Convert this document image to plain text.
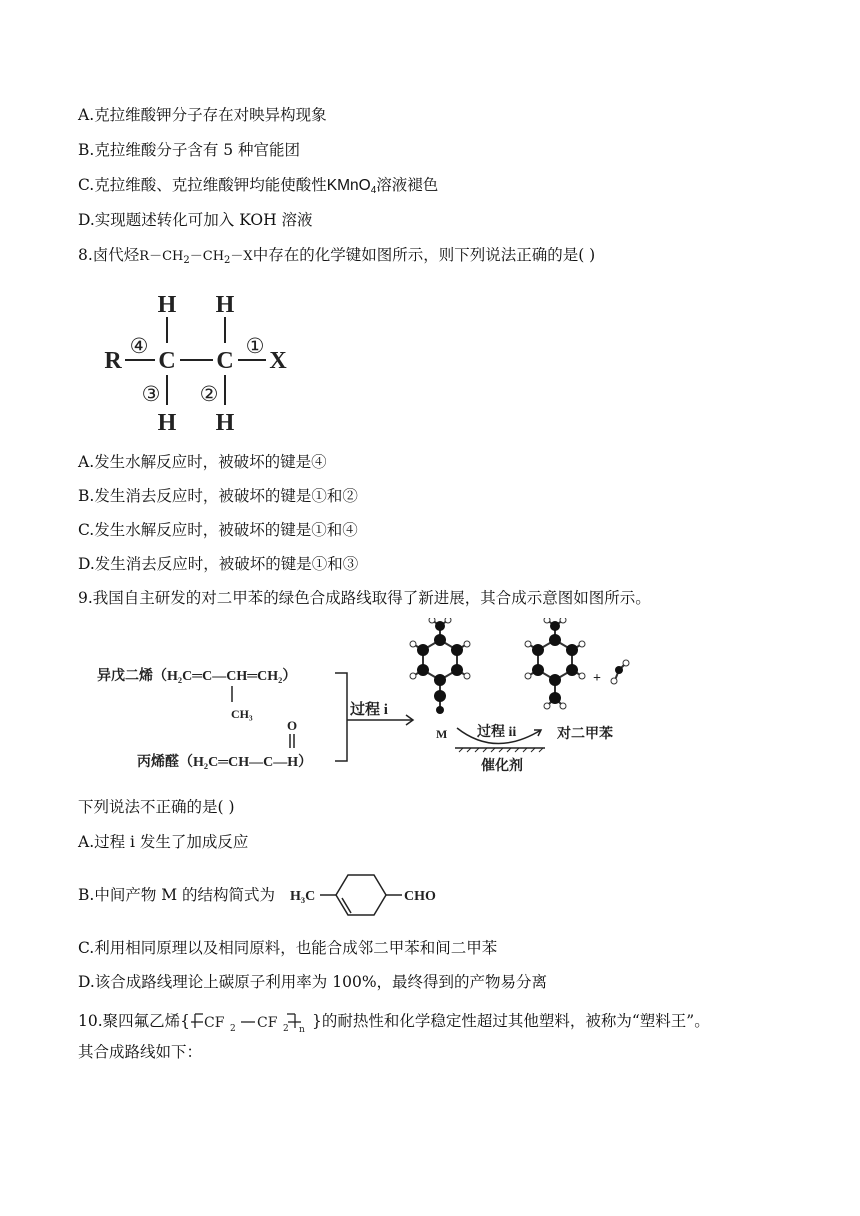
A.克拉维酸钾分子存在对映异构现象
B.克拉维酸分子含有 5 种官能团
C.克拉维酸、克拉维酸钾均能使酸性KMnO$_4$溶液褪色
D.实现题述转化可加入 KOH 溶液
8.卤代烃$R-CH_2-CH_2-X$中存在的化学键如图所示，则下列说法正确的是( )
H H
R C C X
H H
④	①
③ ②
A.发生水解反应时，被破坏的键是④
B.发生消去反应时，被破坏的键是①和②
C.发生水解反应时，被破坏的键是①和④
D.发生消去反应时，被破坏的键是①和③
9.我国自主研发的对二甲苯的绿色合成路线取得了新进展，其合成示意图如图所示。
异戊二烯（H₂C═C—CH═CH₂）
CH₃
O
丙烯醛（H₂C═CH—C—H）
过程 i
M 过程 ii	对二甲苯
催化剂
+
下列说法不正确的是( )
A.过程 i 发生了加成反应
B.中间产物 M 的结构简式为 H₃C	CHO
C.利用相同原理以及相同原料，也能合成邻二甲苯和间二甲苯
D.该合成路线理论上碳原子利用率为 100%，最终得到的产物易分离
10.聚四氟乙烯{ CF 2 CF 2 n }的耐热性和化学稳定性超过其他塑料，被称为“塑料王”。
其合成路线如下：
